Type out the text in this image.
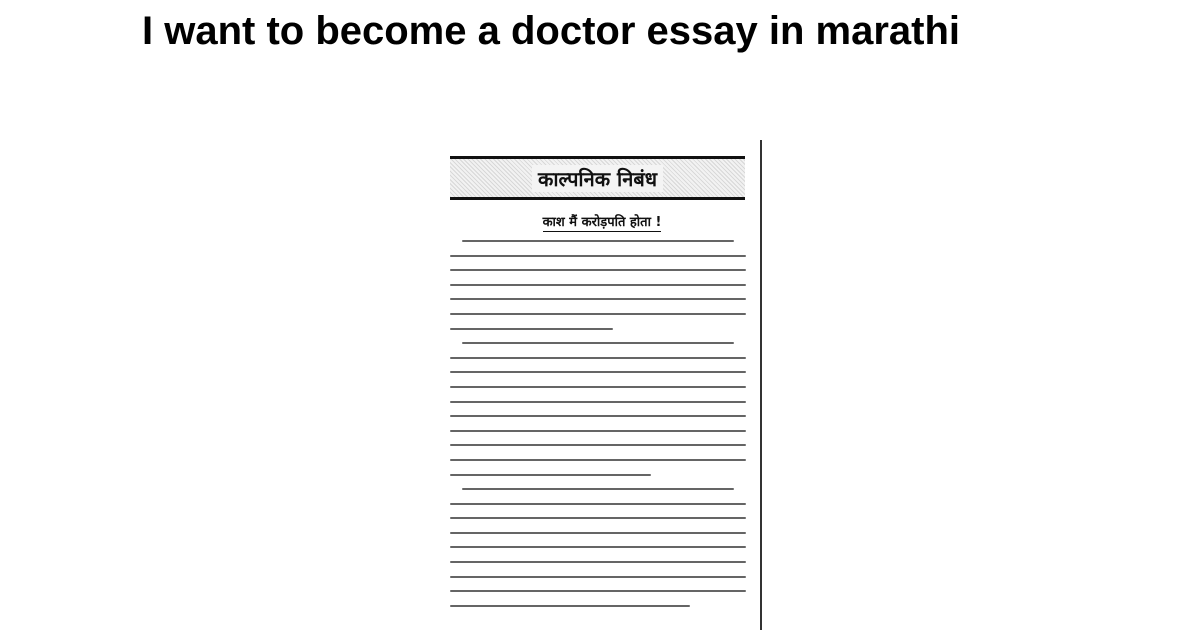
I want to become a doctor essay in marathi
काल्पनिक निबंध
काश मैं करोड़पति होता !
